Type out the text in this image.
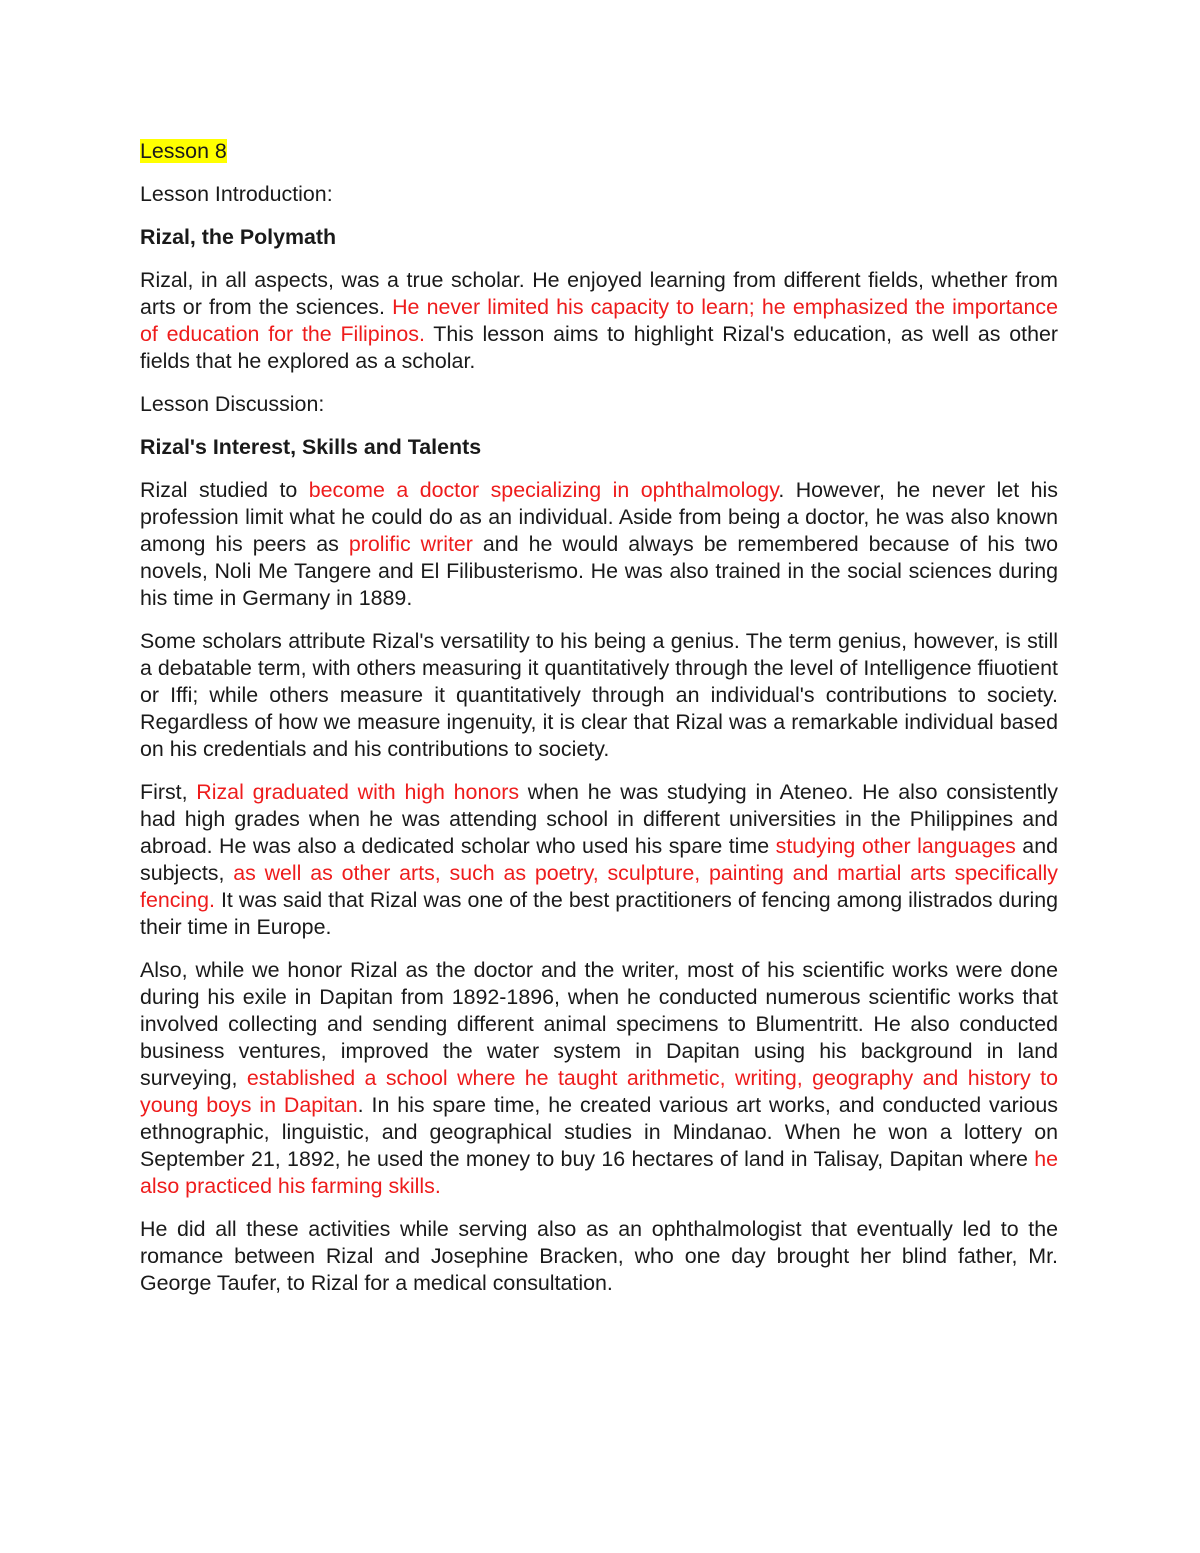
Lesson 8

Lesson Introduction:

Rizal, the Polymath

Rizal, in all aspects, was a true scholar. He enjoyed learning from different fields, whether from arts or from the sciences. He never limited his capacity to learn; he emphasized the importance of education for the Filipinos. This lesson aims to highlight Rizal's education, as well as other fields that he explored as a scholar.

Lesson Discussion:

Rizal's Interest, Skills and Talents

Rizal studied to become a doctor specializing in ophthalmology. However, he never let his profession limit what he could do as an individual. Aside from being a doctor, he was also known among his peers as prolific writer and he would always be remembered because of his two novels, Noli Me Tangere and El Filibusterismo. He was also trained in the social sciences during his time in Germany in 1889.

Some scholars attribute Rizal's versatility to his being a genius. The term genius, however, is still a debatable term, with others measuring it quantitatively through the level of Intelligence ffiuotient or Iffi; while others measure it quantitatively through an individual's contributions to society. Regardless of how we measure ingenuity, it is clear that Rizal was a remarkable individual based on his credentials and his contributions to society.

First, Rizal graduated with high honors when he was studying in Ateneo. He also consistently had high grades when he was attending school in different universities in the Philippines and abroad. He was also a dedicated scholar who used his spare time studying other languages and subjects, as well as other arts, such as poetry, sculpture, painting and martial arts specifically fencing. It was said that Rizal was one of the best practitioners of fencing among ilistrados during their time in Europe.

Also, while we honor Rizal as the doctor and the writer, most of his scientific works were done during his exile in Dapitan from 1892-1896, when he conducted numerous scientific works that involved collecting and sending different animal specimens to Blumentritt. He also conducted business ventures, improved the water system in Dapitan using his background in land surveying, established a school where he taught arithmetic, writing, geography and history to young boys in Dapitan. In his spare time, he created various art works, and conducted various ethnographic, linguistic, and geographical studies in Mindanao. When he won a lottery on September 21, 1892, he used the money to buy 16 hectares of land in Talisay, Dapitan where he also practiced his farming skills.

He did all these activities while serving also as an ophthalmologist that eventually led to the romance between Rizal and Josephine Bracken, who one day brought her blind father, Mr. George Taufer, to Rizal for a medical consultation.
